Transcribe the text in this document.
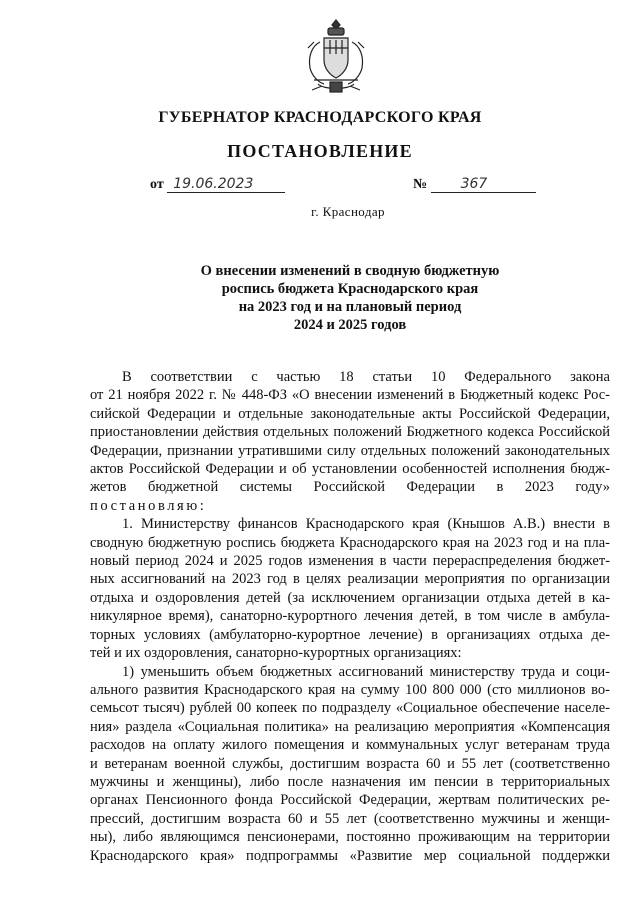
ГУБЕРНАТОР КРАСНОДАРСКОГО КРАЯ
ПОСТАНОВЛЕНИЕ
от 19.06.2023	№ 367
г. Краснодар
О внесении изменений в сводную бюджетную
роспись бюджета Краснодарского края
на 2023 год и на плановый период
2024 и 2025 годов
В соответствии с частью 18 статьи 10 Федерального закона
от 21 ноября 2022 г. № 448-ФЗ «О внесении изменений в Бюджетный кодекс Рос-
сийской Федерации и отдельные законодательные акты Российской Федерации,
приостановлении действия отдельных положений Бюджетного кодекса Российской
Федерации, признании утратившими силу отдельных положений законодательных
актов Российской Федерации и об установлении особенностей исполнения бюдж-
жетов бюджетной системы Российской Федерации в 2023 году»
постановляю:
1. Министерству финансов Краснодарского края (Кнышов А.В.) внести в
сводную бюджетную роспись бюджета Краснодарского края на 2023 год и на пла-
новый период 2024 и 2025 годов изменения в части перераспределения бюджет-
ных ассигнований на 2023 год в целях реализации мероприятия по организации
отдыха и оздоровления детей (за исключением организации отдыха детей в ка-
никулярное время), санаторно-курортного лечения детей, в том числе в амбула-
торных условиях (амбулаторно-курортное лечение) в организациях отдыха де-
тей и их оздоровления, санаторно-курортных организациях:
1) уменьшить объем бюджетных ассигнований министерству труда и соци-
ального развития Краснодарского края на сумму 100 800 000 (сто миллионов во-
семьсот тысяч) рублей 00 копеек по подразделу «Социальное обеспечение населе-
ния» раздела «Социальная политика» на реализацию мероприятия «Компенсация
расходов на оплату жилого помещения и коммунальных услуг ветеранам труда
и ветеранам военной службы, достигшим возраста 60 и 55 лет (соответственно
мужчины и женщины), либо после назначения им пенсии в территориальных
органах Пенсионного фонда Российской Федерации, жертвам политических ре-
прессий, достигшим возраста 60 и 55 лет (соответственно мужчины и женщи-
ны), либо являющимся пенсионерами, постоянно проживающим на территории
Краснодарского края» подпрограммы «Развитие мер социальной поддержки
